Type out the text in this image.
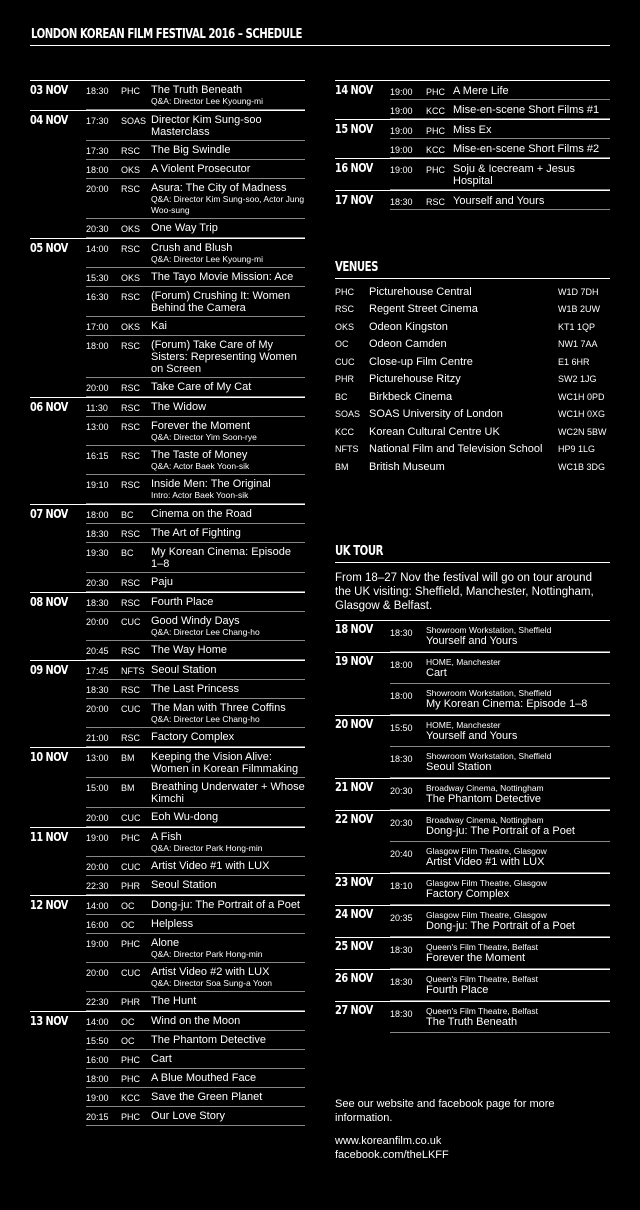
LONDON KOREAN FILM FESTIVAL 2016 – SCHEDULE
03 NOV 18:30	PHC The Truth Beneath
Q&A: Director Lee Kyoung-mi
04 NOV 17:30	SOAS Director Kim Sung-soo Masterclass
17:30	RSC The Big Swindle
18:00	OKS A Violent Prosecutor
20:00	RSC Asura: The City of Madness
Q&A: Director Kim Sung-soo, Actor Jung Woo-sung
20:30	OKS One Way Trip
05 NOV 14:00	RSC Crush and Blush
Q&A: Director Lee Kyoung-mi
15:30	OKS The Tayo Movie Mission: Ace
16:30	RSC (Forum) Crushing It: Women Behind the Camera
17:00	OKS Kai
18:00	RSC (Forum) Take Care of My Sisters: Representing Women on Screen
20:00	RSC Take Care of My Cat
06 NOV 11:30	RSC The Widow
13:00	RSC Forever the Moment
Q&A: Director Yim Soon-rye
16:15	RSC The Taste of Money
Q&A: Actor Baek Yoon-sik
19:10	RSC Inside Men: The Original
Intro: Actor Baek Yoon-sik
07 NOV 18:00	BC	Cinema on the Road
18:30	RSC The Art of Fighting
19:30	BC	My Korean Cinema: Episode 1–8
20:30	RSC Paju
08 NOV 18:30	RSC Fourth Place
20:00	CUC Good Windy Days
Q&A: Director Lee Chang-ho
20:45	RSC The Way Home
09 NOV 17:45	NFTS Seoul Station
18:30	RSC The Last Princess
20:00	CUC The Man with Three Coffins
Q&A: Director Lee Chang-ho
21:00	RSC Factory Complex
10 NOV 13:00	BM	Keeping the Vision Alive: Women in Korean Filmmaking
15:00	BM	Breathing Underwater + Whose Kimchi
20:00	CUC Eoh Wu-dong
11 NOV 19:00	PHC A Fish
Q&A: Director Park Hong-min
20:00	CUC Artist Video #1 with LUX
22:30	PHR Seoul Station
12 NOV 14:00	OC	Dong-ju: The Portrait of a Poet
16:00	OC	Helpless
19:00	PHC Alone
Q&A: Director Park Hong-min
20:00	CUC Artist Video #2 with LUX
Q&A: Director Soa Sung-a Yoon
22:30	PHR The Hunt
13 NOV 14:00	OC	Wind on the Moon
15:50	OC	The Phantom Detective
16:00	PHC Cart
18:00	PHC A Blue Mouthed Face
19:00	KCC Save the Green Planet
20:15	PHC Our Love Story
14 NOV 19:00	PHC A Mere Life
19:00	KCC Mise-en-scene Short Films #1
15 NOV 19:00	PHC Miss Ex
19:00	KCC Mise-en-scene Short Films #2
16 NOV 19:00	PHC Soju & Icecream + Jesus Hospital
17 NOV 18:30	RSC Yourself and Yours
VENUES
PHC	Picturehouse Central	W1D 7DH
RSC	Regent Street Cinema	W1B 2UW
OKS	Odeon Kingston	KT1 1QP
OC	Odeon Camden	NW1 7AA
CUC	Close-up Film Centre	E1 6HR
PHR	Picturehouse Ritzy	SW2 1JG
BC	Birkbeck Cinema	WC1H 0PD
SOAS SOAS University of London	WC1H 0XG
KCC	Korean Cultural Centre UK	WC2N 5BW
NFTS National Film and Television School	HP9 1LG
BM	British Museum	WC1B 3DG
UK TOUR
From 18–27 Nov the festival will go on tour around the UK visiting: Sheffield, Manchester, Nottingham, Glasgow & Belfast.
18 NOV 18:30	Showroom Workstation, Sheffield
Yourself and Yours
19 NOV 18:00	HOME, Manchester
Cart
18:00	Showroom Workstation, Sheffield
My Korean Cinema: Episode 1–8
20 NOV 15:50	HOME, Manchester
Yourself and Yours
18:30	Showroom Workstation, Sheffield
Seoul Station
21 NOV 20:30	Broadway Cinema, Nottingham
The Phantom Detective
22 NOV 20:30	Broadway Cinema, Nottingham
Dong-ju: The Portrait of a Poet
20:40	Glasgow Film Theatre, Glasgow
Artist Video #1 with LUX
23 NOV 18:10	Glasgow Film Theatre, Glasgow
Factory Complex
24 NOV 20:35	Glasgow Film Theatre, Glasgow
Dong-ju: The Portrait of a Poet
25 NOV 18:30	Queen's Film Theatre, Belfast
Forever the Moment
26 NOV 18:30	Queen's Film Theatre, Belfast
Fourth Place
27 NOV 18:30	Queen's Film Theatre, Belfast
The Truth Beneath

See our website and facebook page for more information.

www.koreanfilm.co.uk
facebook.com/theLKFF
